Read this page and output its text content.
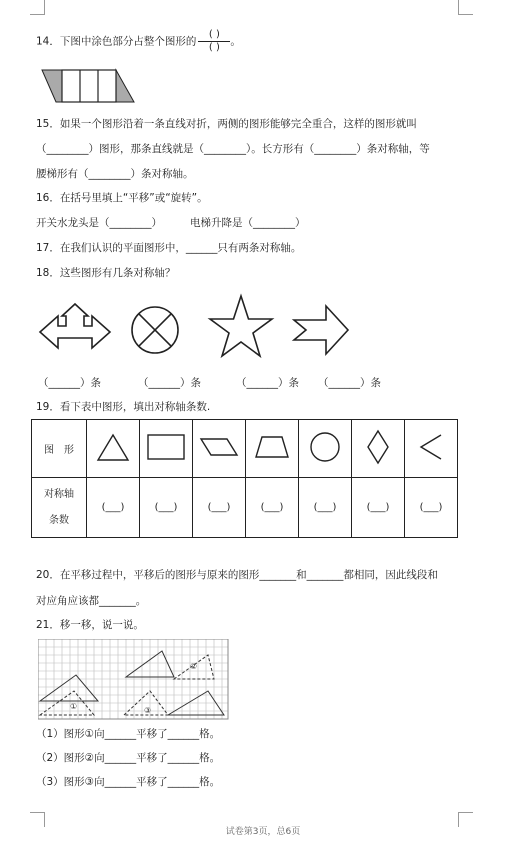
14．下图中涂色部分占整个图形的 $\frac{( )}{( )}$ 。
15．如果一个图形沿着一条直线对折，两侧的图形能够完全重合，这样的图形就叫
（________）图形，那条直线就是（________）。长方形有（________）条对称轴，等
腰梯形有（________）条对称轴。
16．在括号里填上“平移”或“旋转”。
开关水龙头是（________）	电梯升降是（________）
17．在我们认识的平面图形中，______只有两条对称轴。
18．这些图形有几条对称轴？
（______）条	（______）条	（______）条 （______）条
19．看下表中图形，填出对称轴条数.
图　形							

对称轴
条数	(___)	(___)	(___)	(___)	(___)	(___)	(___)
20．在平移过程中，平移后的图形与原来的图形_______和_______都相同，因此线段和
对应角应该都_______。
21．移一移，说一说。
①
②
③
（1）图形①向______平移了______格。
（2）图形②向______平移了______格。
（3）图形③向______平移了______格。
试卷第3页，总6页
